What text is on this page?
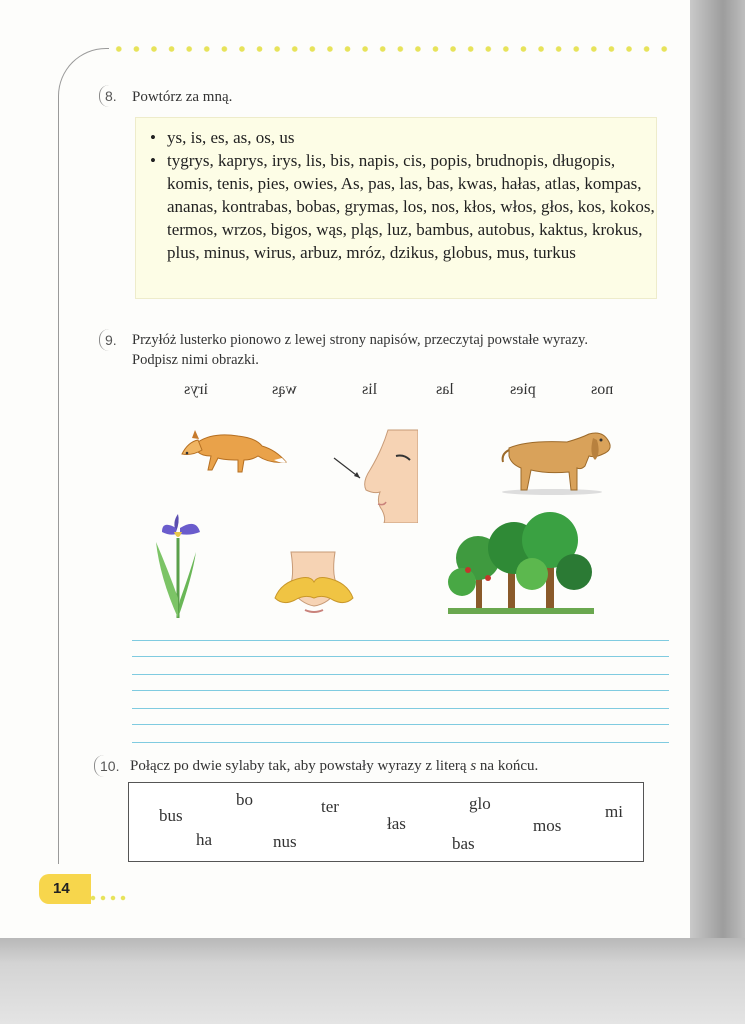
8. Powtórz za mną.
• ys, is, es, as, os, us
• tygrys, kaprys, irys, lis, bis, napis, cis, popis, brudnopis, długopis, komis, tenis, pies, owies, As, pas, las, bas, kwas, hałas, atlas, kompas, ananas, kontrabas, bobas, grymas, los, nos, kłos, włos, głos, kos, kokos, termos, wrzos, bigos, wąs, pląs, luz, bambus, autobus, kaktus, krokus, plus, minus, wirus, arbuz, mróz, dzikus, globus, mus, turkus
9. Przyłóż lusterko pionowo z lewej strony napisów, przeczytaj powstałe wyrazy.
Podpisz nimi obrazki.
irys	wąs	lis	las	pies	nos
10. Połącz po dwie sylaby tak, aby powstały wyrazy z literą s na końcu.
bo
bus
ha	nus
ter
łas
glo
bas
mos
mi
14
